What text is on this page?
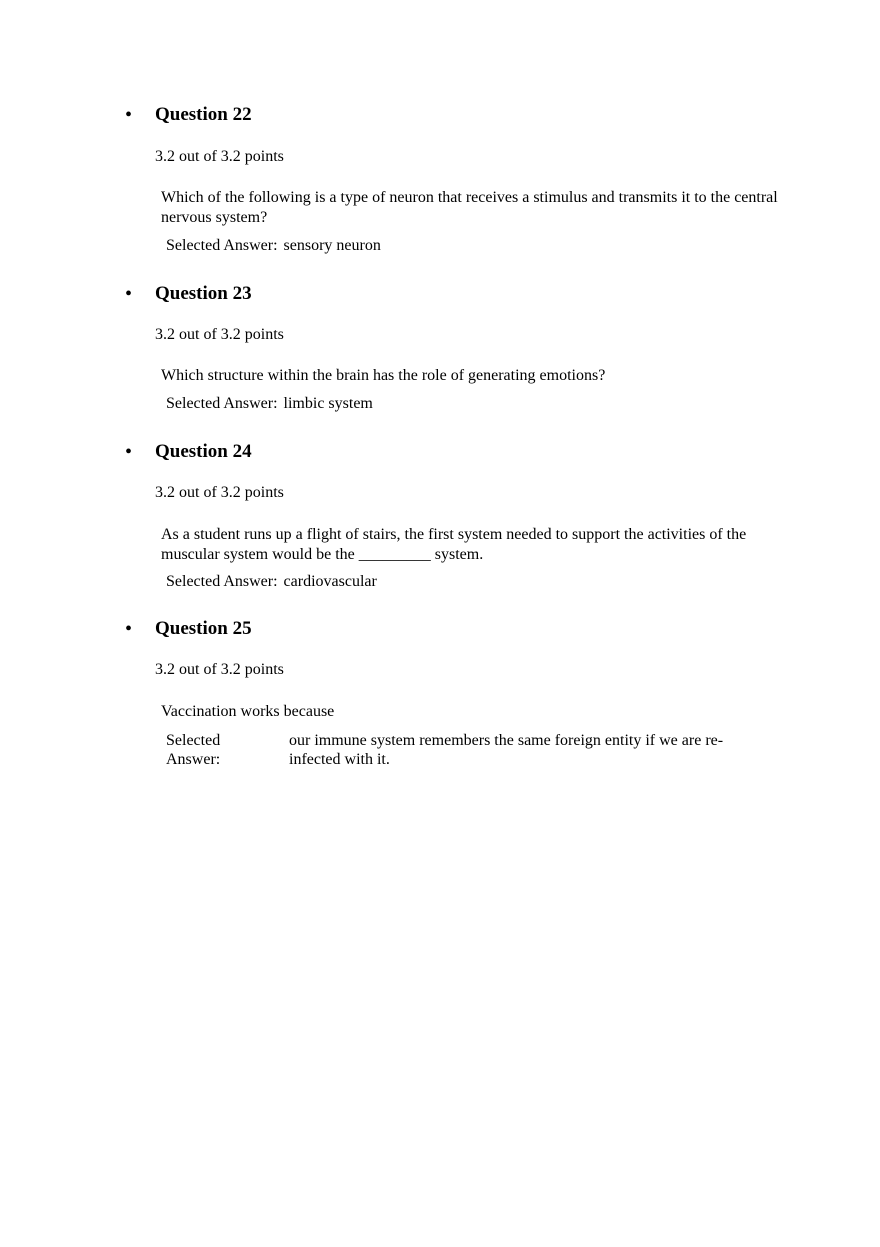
•	Question 22
3.2 out of 3.2 points
Which of the following is a type of neuron that receives a stimulus and transmits it to the central nervous system?
Selected Answer: sensory neuron
•	Question 23
3.2 out of 3.2 points
Which structure within the brain has the role of generating emotions?
Selected Answer: limbic system
•	Question 24
3.2 out of 3.2 points
As a student runs up a flight of stairs, the first system needed to support the activities of the muscular system would be the _________ system.
Selected Answer: cardiovascular
•	Question 25
3.2 out of 3.2 points
Vaccination works because
Selected Answer:
our immune system remembers the same foreign entity if we are re-infected with it.
